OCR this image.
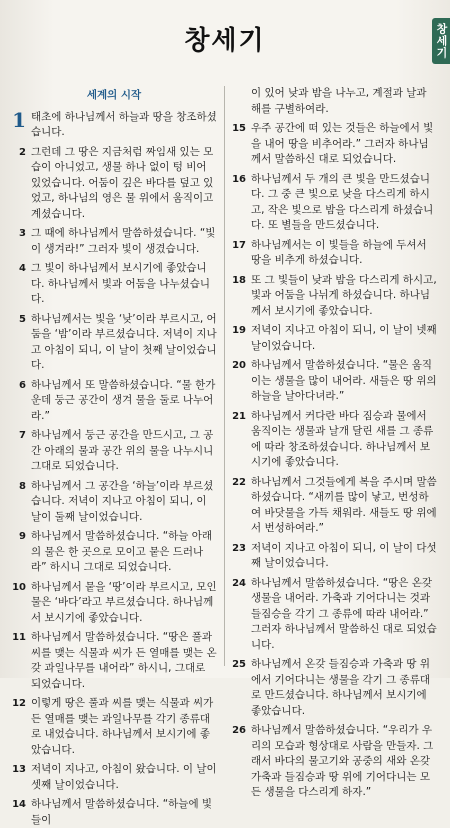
창세기	창세기
세계의 시작
1 태초에 하나님께서 하늘과 땅을 창조하셨습니다.
2 그런데 그 땅은 지금처럼 짜임새 있는 모습이 아니었고, 생물 하나 없이 텅 비어 있었습니다. 어둠이 깊은 바다를 덮고 있었고, 하나님의 영은 물 위에서 움직이고 계셨습니다.
3 그 때에 하나님께서 말씀하셨습니다. “빛이 생겨라!” 그러자 빛이 생겼습니다.
4 그 빛이 하나님께서 보시기에 좋았습니다. 하나님께서 빛과 어둠을 나누셨습니다.
5 하나님께서는 빛을 ‘낮’이라 부르시고, 어둠을 ‘밤’이라 부르셨습니다. 저녁이 지나고 아침이 되니, 이 날이 첫째 날이었습니다.
6 하나님께서 또 말씀하셨습니다. “물 한가운데 둥근 공간이 생겨 물을 둘로 나누어라.”
7 하나님께서 둥근 공간을 만드시고, 그 공간 아래의 물과 공간 위의 물을 나누시니 그대로 되었습니다.
8 하나님께서 그 공간을 ‘하늘’이라 부르셨습니다. 저녁이 지나고 아침이 되니, 이 날이 둘째 날이었습니다.
9 하나님께서 말씀하셨습니다. “하늘 아래의 물은 한 곳으로 모이고 뭍은 드러나라” 하시니 그대로 되었습니다.
10 하나님께서 뭍을 ‘땅’이라 부르시고, 모인 물은 ‘바다’라고 부르셨습니다. 하나님께서 보시기에 좋았습니다.
11 하나님께서 말씀하셨습니다. “땅은 풀과 씨를 맺는 식물과 씨가 든 열매를 맺는 온갖 과일나무를 내어라” 하시니, 그대로 되었습니다.
12 이렇게 땅은 풀과 씨를 맺는 식물과 씨가 든 열매를 맺는 과일나무를 각기 종류대로 내었습니다. 하나님께서 보시기에 좋았습니다.
13 저녁이 지나고, 아침이 왔습니다. 이 날이 셋째 날이었습니다.
14 하나님께서 말씀하셨습니다. “하늘에 빛들이
이 있어 낮과 밤을 나누고, 계절과 날과 해를 구별하여라.
15 우주 공간에 떠 있는 것들은 하늘에서 빛을 내어 땅을 비추어라.” 그러자 하나님께서 말씀하신 대로 되었습니다.
16 하나님께서 두 개의 큰 빛을 만드셨습니다. 그 중 큰 빛으로 낮을 다스리게 하시고, 작은 빛으로 밤을 다스리게 하셨습니다. 또 별들을 만드셨습니다.
17 하나님께서는 이 빛들을 하늘에 두셔서 땅을 비추게 하셨습니다.
18 또 그 빛들이 낮과 밤을 다스리게 하시고, 빛과 어둠을 나뉘게 하셨습니다. 하나님께서 보시기에 좋았습니다.
19 저녁이 지나고 아침이 되니, 이 날이 넷째 날이었습니다.
20 하나님께서 말씀하셨습니다. “물은 움직이는 생물을 많이 내어라. 새들은 땅 위의 하늘을 날아다녀라.”
21 하나님께서 커다란 바다 짐승과 물에서 움직이는 생물과 날개 달린 새를 그 종류에 따라 창조하셨습니다. 하나님께서 보시기에 좋았습니다.
22 하나님께서 그것들에게 복을 주시며 말씀하셨습니다. “새끼를 많이 낳고, 번성하여 바닷물을 가득 채워라. 새들도 땅 위에서 번성하여라.”
23 저녁이 지나고 아침이 되니, 이 날이 다섯째 날이었습니다.
24 하나님께서 말씀하셨습니다. “땅은 온갖 생물을 내어라. 가축과 기어다니는 것과 들짐승을 각기 그 종류에 따라 내어라.” 그러자 하나님께서 말씀하신 대로 되었습니다.
25 하나님께서 온갖 들짐승과 가축과 땅 위에서 기어다니는 생물을 각기 그 종류대로 만드셨습니다. 하나님께서 보시기에 좋았습니다.
26 하나님께서 말씀하셨습니다. “우리가 우리의 모습과 형상대로 사람을 만들자. 그래서 바다의 물고기와 공중의 새와 온갖 가축과 들짐승과 땅 위에 기어다니는 모든 생물을 다스리게 하자.”
